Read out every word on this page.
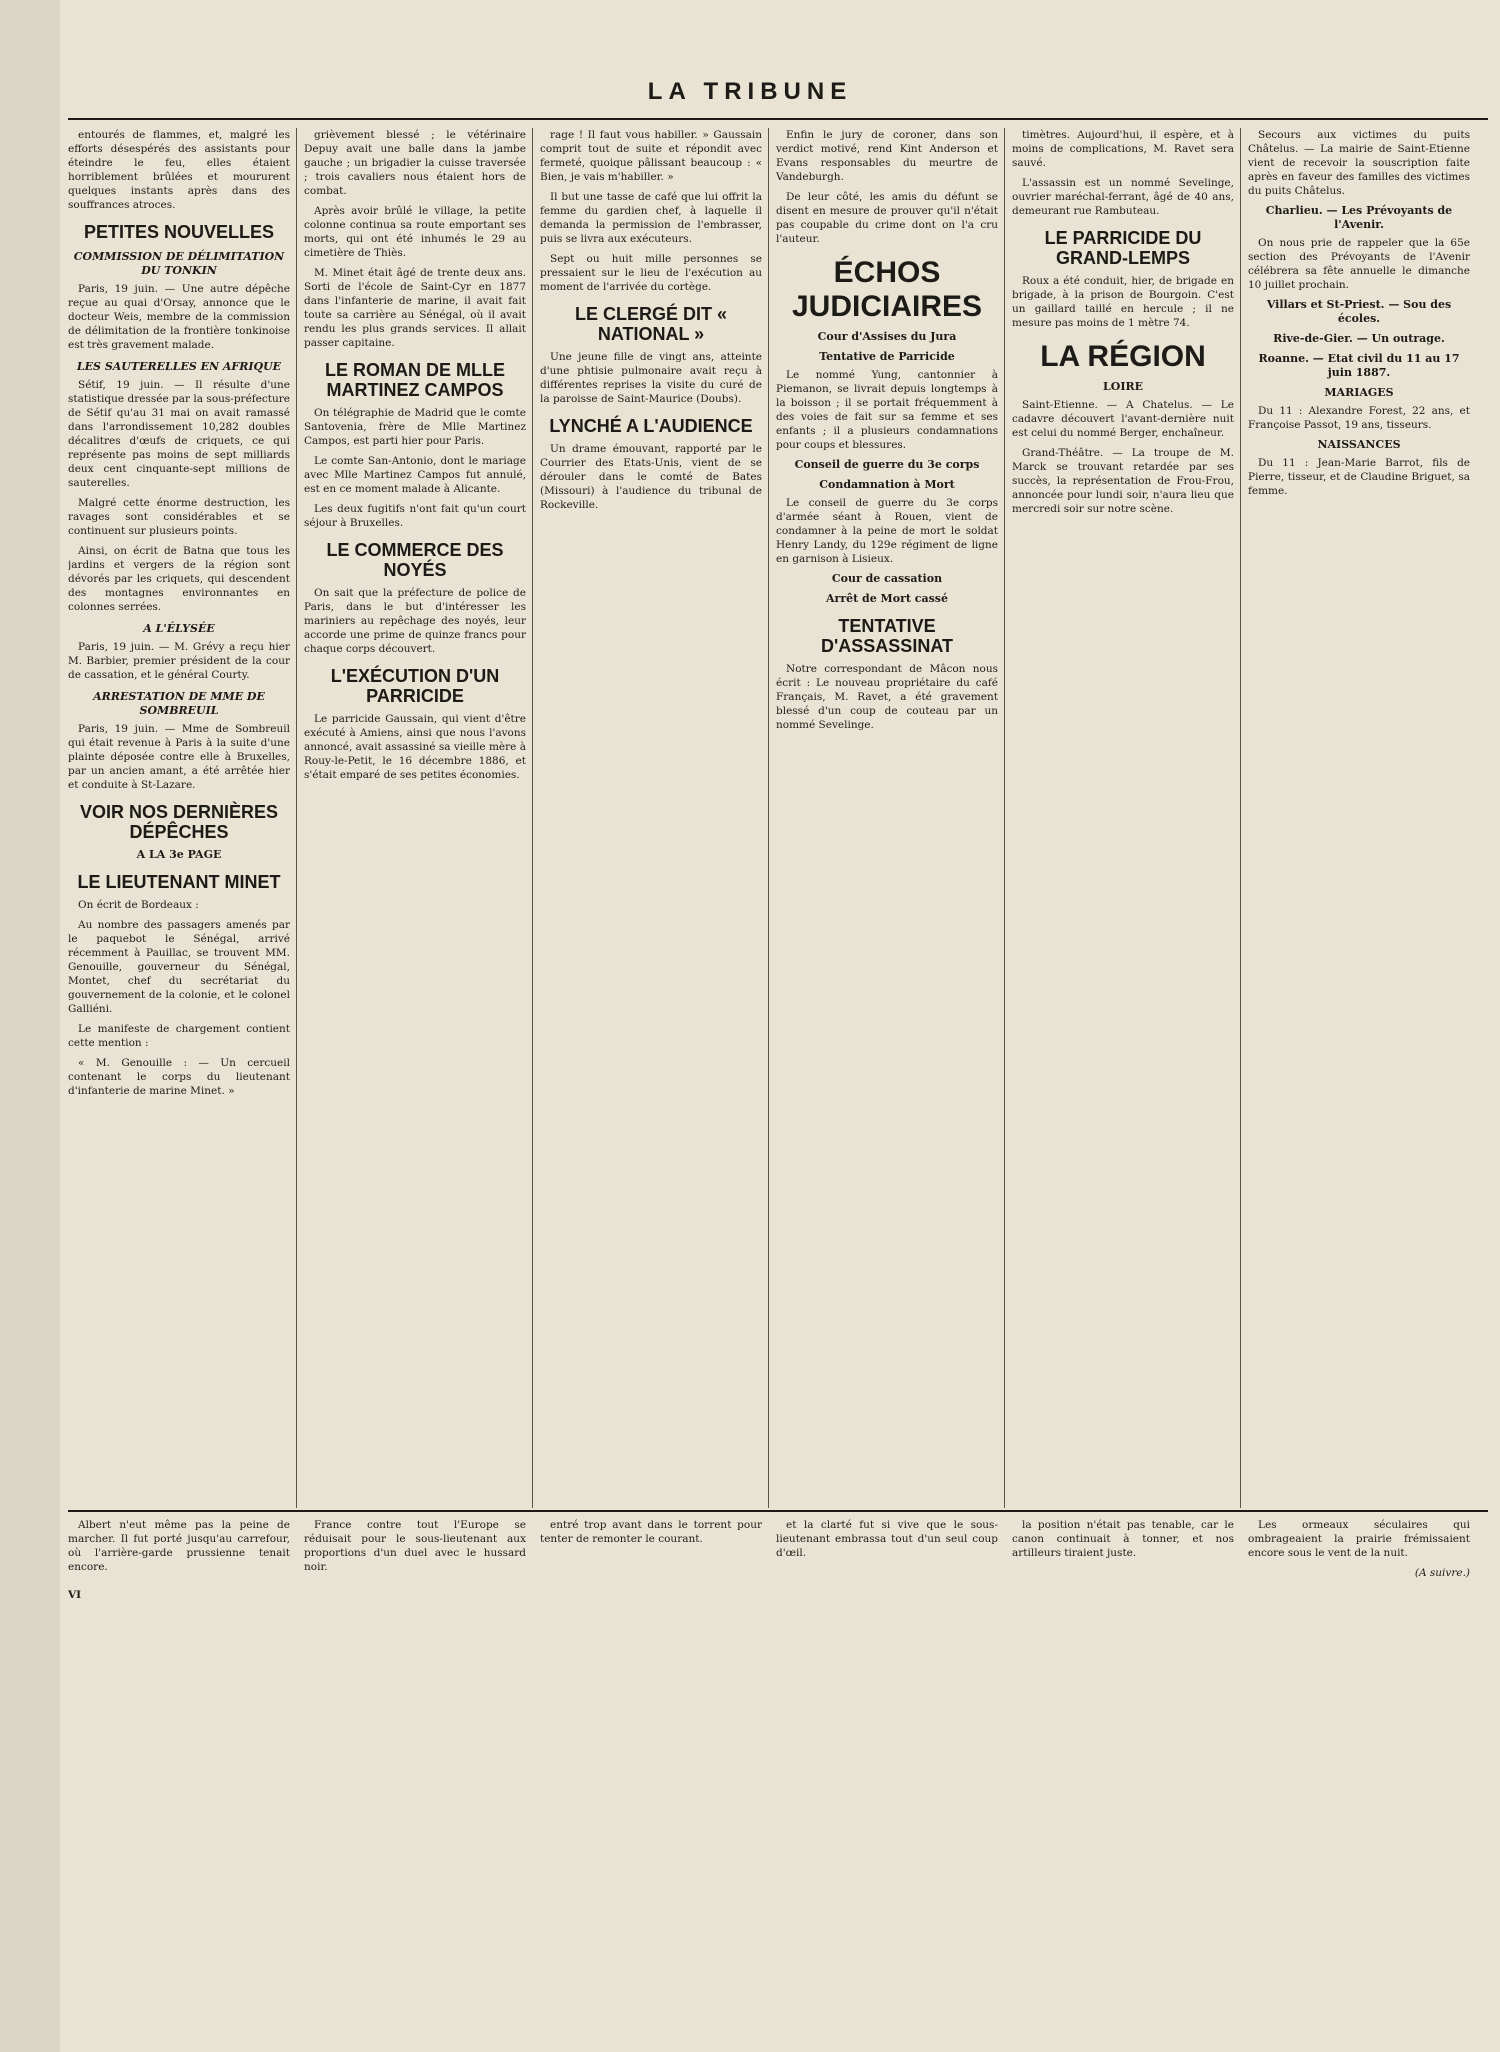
LA TRIBUNE

entourés de flammes, et, malgré les efforts désespérés des assistants pour éteindre le feu, elles étaient horriblement brûlées et moururent quelques instants après dans des souffrances atroces.

PETITES NOUVELLES
COMMISSION DE DÉLIMITATION DU TONKIN

Paris, 19 juin. — Une autre dépêche reçue au quai d'Orsay, annonce que le docteur Weis, membre de la commission de délimitation de la frontière tonkinoise est très gravement malade.

LES SAUTERELLES EN AFRIQUE

Sétif, 19 juin. — Il résulte d'une statistique dressée par la sous-préfecture de Sétif qu'au 31 mai on avait ramassé dans l'arrondissement 10,282 doubles décalitres d'œufs de criquets, ce qui représente pas moins de sept milliards deux cent cinquante-sept millions de sauterelles.

Malgré cette énorme destruction, les ravages sont considérables et se continuent sur plusieurs points.

Ainsi, on écrit de Batna que tous les jardins et vergers de la région sont dévorés par les criquets, qui descendent des montagnes environnantes en colonnes serrées.

A L'ÉLYSÉE

Paris, 19 juin. — M. Grévy a reçu hier M. Barbier, premier président de la cour de cassation, et le général Courty.

ARRESTATION DE MME DE SOMBREUIL

Paris, 19 juin. — Mme de Sombreuil qui était revenue à Paris à la suite d'une plainte déposée contre elle à Bruxelles, par un ancien amant, a été arrêtée hier et conduite à St-Lazare.

VOIR NOS DERNIÈRES DÉPÊCHES
A LA 3e PAGE
LE LIEUTENANT MINET

On écrit de Bordeaux :

Au nombre des passagers amenés par le paquebot le Sénégal, arrivé récemment à Pauillac, se trouvent MM. Genouille, gouverneur du Sénégal, Montet, chef du secrétariat du gouvernement de la colonie, et le colonel Galliéni.

Le manifeste de chargement contient cette mention :

« M. Genouille : — Un cercueil contenant le corps du lieutenant d'infanterie de marine Minet. »

grièvement blessé ; le vétérinaire Depuy avait une balle dans la jambe gauche ; un brigadier la cuisse traversée ; trois cavaliers nous étaient hors de combat.

Après avoir brûlé le village, la petite colonne continua sa route emportant ses morts, qui ont été inhumés le 29 au cimetière de Thiès.

M. Minet était âgé de trente deux ans. Sorti de l'école de Saint-Cyr en 1877 dans l'infanterie de marine, il avait fait toute sa carrière au Sénégal, où il avait rendu les plus grands services. Il allait passer capitaine.

LE ROMAN DE MLLE MARTINEZ CAMPOS

On télégraphie de Madrid que le comte Santovenia, frère de Mlle Martinez Campos, est parti hier pour Paris.

Le comte San-Antonio, dont le mariage avec Mlle Martinez Campos fut annulé, est en ce moment malade à Alicante.

Les deux fugitifs n'ont fait qu'un court séjour à Bruxelles.

LE COMMERCE DES NOYÉS

On sait que la préfecture de police de Paris, dans le but d'intéresser les mariniers au repêchage des noyés, leur accorde une prime de quinze francs pour chaque corps découvert.

L'EXÉCUTION D'UN PARRICIDE

Le parricide Gaussain, qui vient d'être exécuté à Amiens, ainsi que nous l'avons annoncé, avait assassiné sa vieille mère à Rouy-le-Petit, le 16 décembre 1886, et s'était emparé de ses petites économies.

rage ! Il faut vous habiller. » Gaussain comprit tout de suite et répondit avec fermeté, quoique pâlissant beaucoup : « Bien, je vais m'habiller. »

Il but une tasse de café que lui offrit la femme du gardien chef, à laquelle il demanda la permission de l'embrasser, puis se livra aux exécuteurs.

Sept ou huit mille personnes se pressaient sur le lieu de l'exécution au moment de l'arrivée du cortège.

LE CLERGÉ DIT « NATIONAL »

Une jeune fille de vingt ans, atteinte d'une phtisie pulmonaire avait reçu à différentes reprises la visite du curé de la paroisse de Saint-Maurice (Doubs).

LYNCHÉ A L'AUDIENCE

Un drame émouvant, rapporté par le Courrier des Etats-Unis, vient de se dérouler dans le comté de Bates (Missouri) à l'audience du tribunal de Rockeville.

Enfin le jury de coroner, dans son verdict motivé, rend Kint Anderson et Evans responsables du meurtre de Vandeburgh.

De leur côté, les amis du défunt se disent en mesure de prouver qu'il n'était pas coupable du crime dont on l'a cru l'auteur.

ÉCHOS JUDICIAIRES
Cour d'Assises du Jura
Tentative de Parricide

Le nommé Yung, cantonnier à Piemanon, se livrait depuis longtemps à la boisson ; il se portait fréquemment à des voies de fait sur sa femme et ses enfants ; il a plusieurs condamnations pour coups et blessures.

Conseil de guerre du 3e corps
Condamnation à Mort

Le conseil de guerre du 3e corps d'armée séant à Rouen, vient de condamner à la peine de mort le soldat Henry Landy, du 129e régiment de ligne en garnison à Lisieux.

Cour de cassation
Arrêt de Mort cassé
TENTATIVE D'ASSASSINAT

Notre correspondant de Mâcon nous écrit : Le nouveau propriétaire du café Français, M. Ravet, a été gravement blessé d'un coup de couteau par un nommé Sevelinge.

timètres. Aujourd'hui, il espère, et à moins de complications, M. Ravet sera sauvé.

L'assassin est un nommé Sevelinge, ouvrier maréchal-ferrant, âgé de 40 ans, demeurant rue Rambuteau.

LE PARRICIDE DU GRAND-LEMPS

Roux a été conduit, hier, de brigade en brigade, à la prison de Bourgoin. C'est un gaillard taillé en hercule ; il ne mesure pas moins de 1 mètre 74.

LA RÉGION
LOIRE

Saint-Etienne. — A Chatelus. — Le cadavre découvert l'avant-dernière nuit est celui du nommé Berger, enchaîneur.

Grand-Théâtre. — La troupe de M. Marck se trouvant retardée par ses succès, la représentation de Frou-Frou, annoncée pour lundi soir, n'aura lieu que mercredi soir sur notre scène.

Secours aux victimes du puits Châtelus. — La mairie de Saint-Etienne vient de recevoir la souscription faite après en faveur des familles des victimes du puits Châtelus.

Charlieu. — Les Prévoyants de l'Avenir.

On nous prie de rappeler que la 65e section des Prévoyants de l'Avenir célébrera sa fête annuelle le dimanche 10 juillet prochain.

Villars et St-Priest. — Sou des écoles.
Rive-de-Gier. — Un outrage.
Roanne. — Etat civil du 11 au 17 juin 1887.
MARIAGES

Du 11 : Alexandre Forest, 22 ans, et Françoise Passot, 19 ans, tisseurs.

NAISSANCES

Du 11 : Jean-Marie Barrot, fils de Pierre, tisseur, et de Claudine Briguet, sa femme.

Albert n'eut même pas la peine de marcher. Il fut porté jusqu'au carrefour, où l'arrière-garde prussienne tenait encore.

VI

France contre tout l'Europe se réduisait pour le sous-lieutenant aux proportions d'un duel avec le hussard noir.

entré trop avant dans le torrent pour tenter de remonter le courant.

et la clarté fut si vive que le sous-lieutenant embrassa tout d'un seul coup d'œil.

la position n'était pas tenable, car le canon continuait à tonner, et nos artilleurs tiraient juste.

Les ormeaux séculaires qui ombrageaient la prairie frémissaient encore sous le vent de la nuit.

(A suivre.)
